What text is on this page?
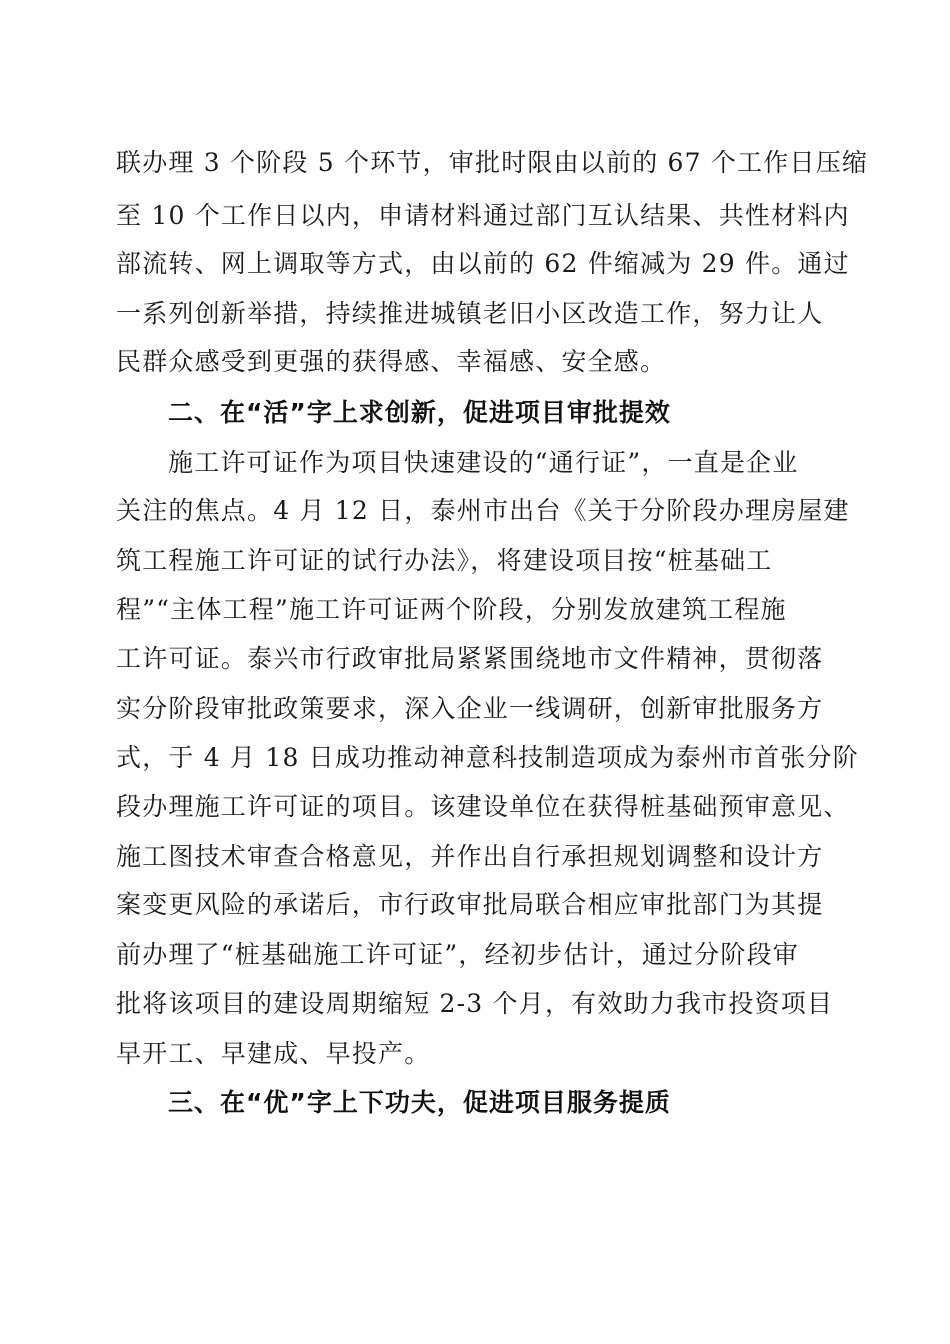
联办理 3 个阶段 5 个环节，审批时限由以前的 67 个工作日压缩
至 10 个工作日以内，申请材料通过部门互认结果、共性材料内
部流转、网上调取等方式，由以前的 62 件缩减为 29 件。通过
一系列创新举措，持续推进城镇老旧小区改造工作，努力让人
民群众感受到更强的获得感、幸福感、安全感。
二、在“活”字上求创新，促进项目审批提效
施工许可证作为项目快速建设的“通行证”，一直是企业
关注的焦点。4 月 12 日，泰州市出台《关于分阶段办理房屋建
筑工程施工许可证的试行办法》，将建设项目按“桩基础工
程”“主体工程”施工许可证两个阶段，分别发放建筑工程施
工许可证。泰兴市行政审批局紧紧围绕地市文件精神，贯彻落
实分阶段审批政策要求，深入企业一线调研，创新审批服务方
式，于 4 月 18 日成功推动神意科技制造项成为泰州市首张分阶
段办理施工许可证的项目。该建设单位在获得桩基础预审意见、
施工图技术审查合格意见，并作出自行承担规划调整和设计方
案变更风险的承诺后，市行政审批局联合相应审批部门为其提
前办理了“桩基础施工许可证”，经初步估计，通过分阶段审
批将该项目的建设周期缩短 2-3 个月，有效助力我市投资项目
早开工、早建成、早投产。
三、在“优”字上下功夫，促进项目服务提质
